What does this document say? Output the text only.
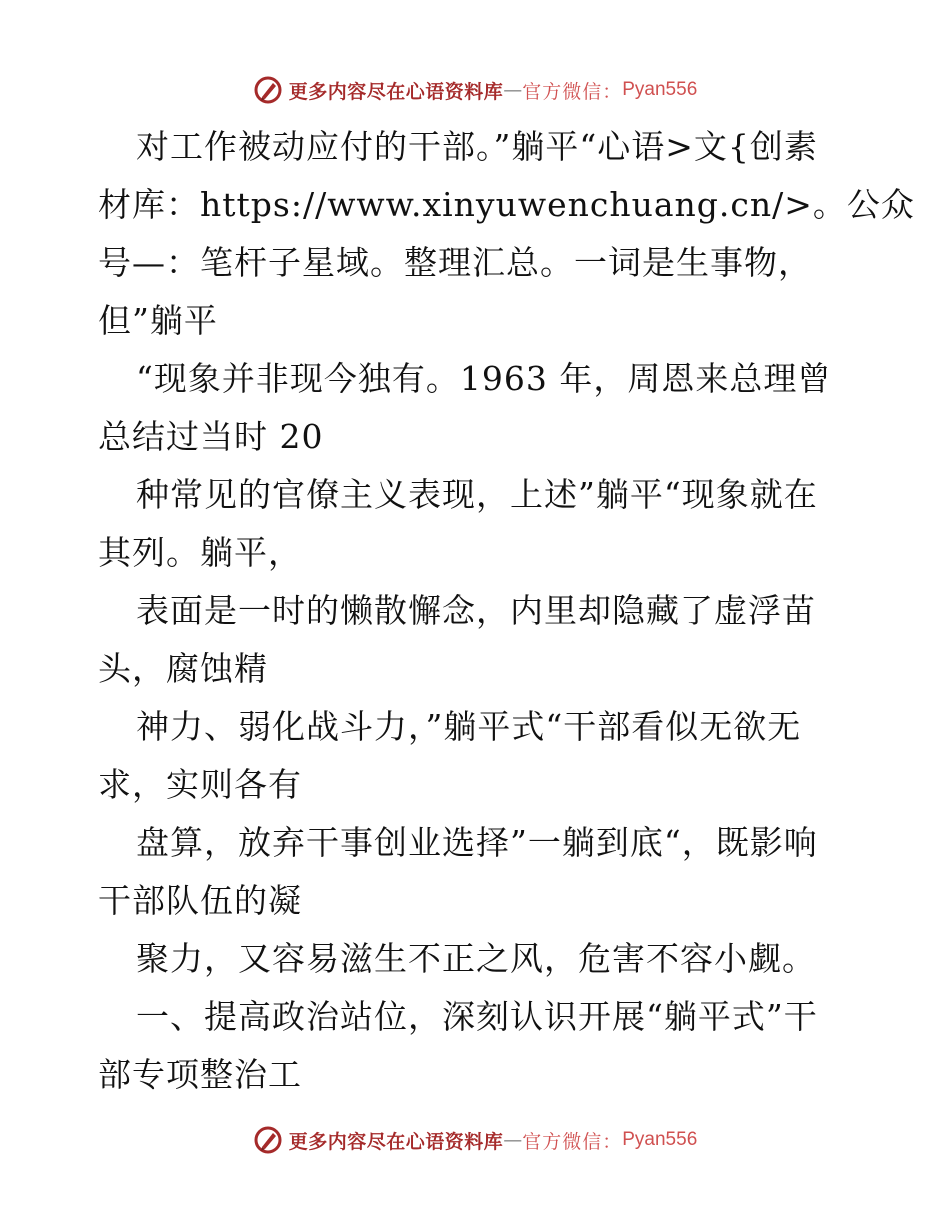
更多内容尽在心语资料库 — 官方微信： Pyan556
对工作被动应付的干部。”躺平“心语>文{创素
材库：https://www.xinyuwenchuang.cn/>。公众
号—：笔杆子星域。整理汇总。一词是生事物，
但”躺平
“现象并非现今独有。1963 年，周恩来总理曾
总结过当时 20
种常见的官僚主义表现，上述”躺平“现象就在
其列。躺平，
表面是一时的懒散懈念，内里却隐藏了虚浮苗
头，腐蚀精
神力、弱化战斗力，”躺平式“干部看似无欲无
求，实则各有
盘算，放弃干事创业选择”一躺到底“，既影响
干部队伍的凝
聚力，又容易滋生不正之风，危害不容小觑。
一、提高政治站位，深刻认识开展“躺平式”干
部专项整治工
更多内容尽在心语资料库 — 官方微信： Pyan556
